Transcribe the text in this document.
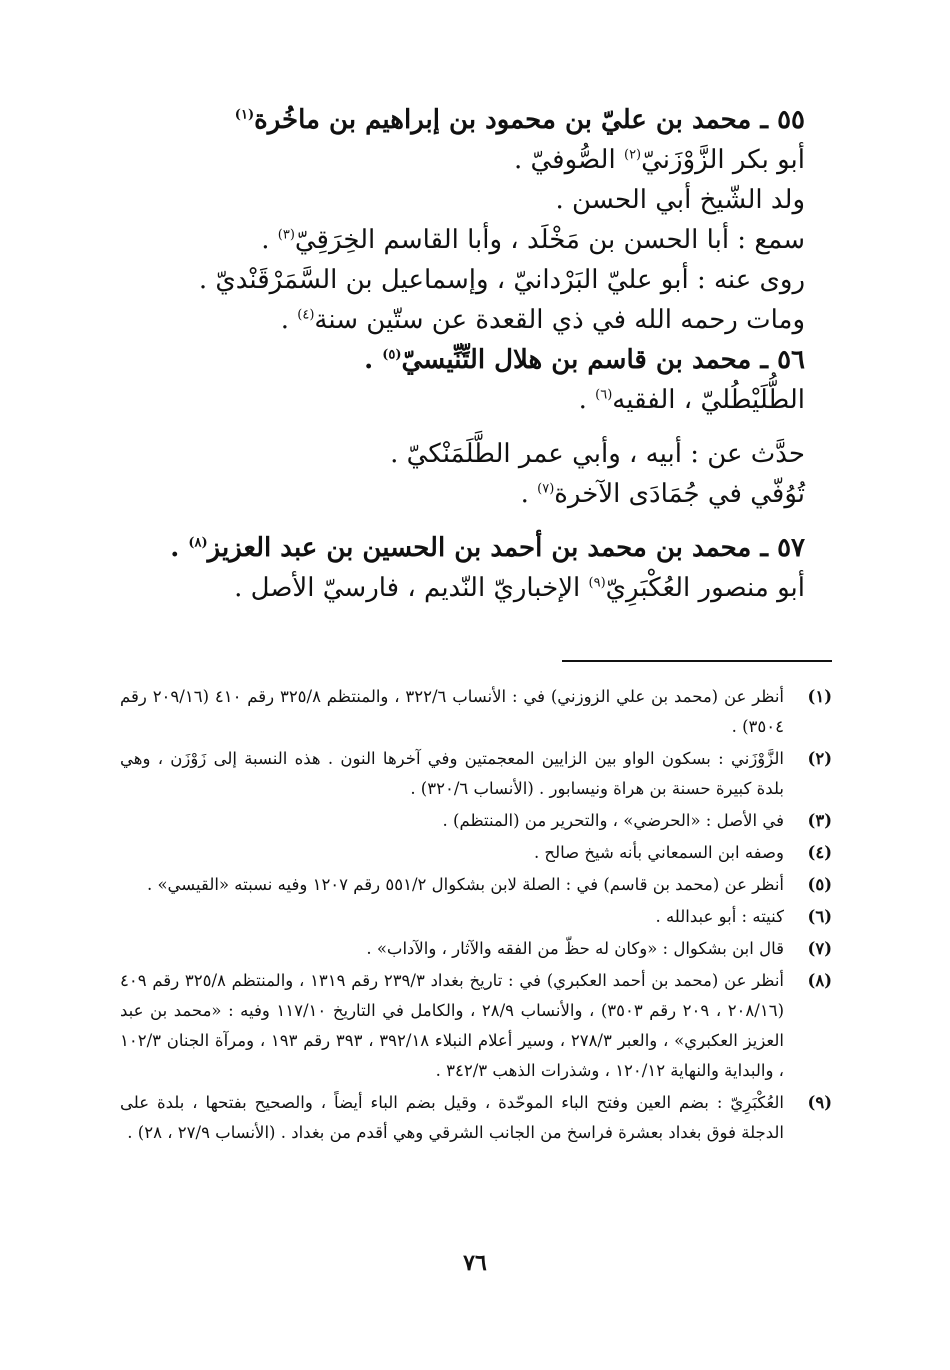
٥٥ ـ محمد بن عليّ بن محمود بن إبراهيم بن ماخُرة$^{(١)}$
أبو بكر الزَّوْزَنيّ$^{(٢)}$ الصُّوفيّ .
ولد الشّيخ أبي الحسن .
سمع : أبا الحسن بن مَخْلَد ، وأبا القاسم الخِرَقِيّ$^{(٣)}$ .
روى عنه : أبو عليّ البَرْدانيّ ، وإسماعيل بن السَّمَرْقَنْديّ .
ومات رحمه الله في ذي القعدة عن ستّين سنة$^{(٤)}$ .
٥٦ ـ محمد بن قاسم بن هلال التِّنِّيسيّ$^{(٥)}$ .
الطُّلَيْطُليّ ، الفقيه$^{(٦)}$ .
حدَّث عن : أبيه ، وأبي عمر الطَّلَمَنْكيّ .
تُوُفّي في جُمَادَى الآخرة$^{(٧)}$ .
٥٧ ـ محمد بن محمد بن أحمد بن الحسين بن عبد العزيز$^{(٨)}$ .
أبو منصور العُكْبَرِيّ$^{(٩)}$ الإخباريّ النّديم ، فارسيّ الأصل .
(١)
أنظر عن (محمد بن علي الزوزني) في : الأنساب ٣٢٢/٦ ، والمنتظم ٣٢٥/٨ رقم ٤١٠ (٢٠٩/١٦ رقم ٣٥٠٤) .
(٢)
الزَّوْزَني : بسكون الواو بين الزايين المعجمتين وفي آخرها النون . هذه النسبة إلى زَوْزَن ، وهي بلدة كبيرة حسنة بن هراة ونيسابور . (الأنساب ٣٢٠/٦) .
(٣)
في الأصل : «الحرضي» ، والتحرير من (المنتظم) .
(٤)
وصفه ابن السمعاني بأنه شيخ صالح .
(٥)
أنظر عن (محمد بن قاسم) في : الصلة لابن بشكوال ٥٥١/٢ رقم ١٢٠٧ وفيه نسبته «القيسي» .
(٦)
كنيته : أبو عبدالله .
(٧)
قال ابن بشكوال : «وكان له حظّ من الفقه والآثار ، والآداب» .
(٨)
أنظر عن (محمد بن أحمد العكبري) في : تاريخ بغداد ٢٣٩/٣ رقم ١٣١٩ ، والمنتظم ٣٢٥/٨ رقم ٤٠٩ (٢٠٨/١٦ ، ٢٠٩ رقم ٣٥٠٣) ، والأنساب ٢٨/٩ ، والكامل في التاريخ ١١٧/١٠ وفيه : «محمد بن عبد العزيز العكبري» ، والعبر ٢٧٨/٣ ، وسير أعلام النبلاء ٣٩٢/١٨ ، ٣٩٣ رقم ١٩٣ ، ومرآة الجنان ١٠٢/٣ ، والبداية والنهاية ١٢٠/١٢ ، وشذرات الذهب ٣٤٢/٣ .
(٩)
العُكْبَرِيّ : بضم العين وفتح الباء الموحّدة ، وقيل بضم الباء أيضاً ، والصحيح بفتحها ، بلدة على الدجلة فوق بغداد بعشرة فراسخ من الجانب الشرقي وهي أقدم من بغداد . (الأنساب ٢٧/٩ ، ٢٨) .
٧٦
